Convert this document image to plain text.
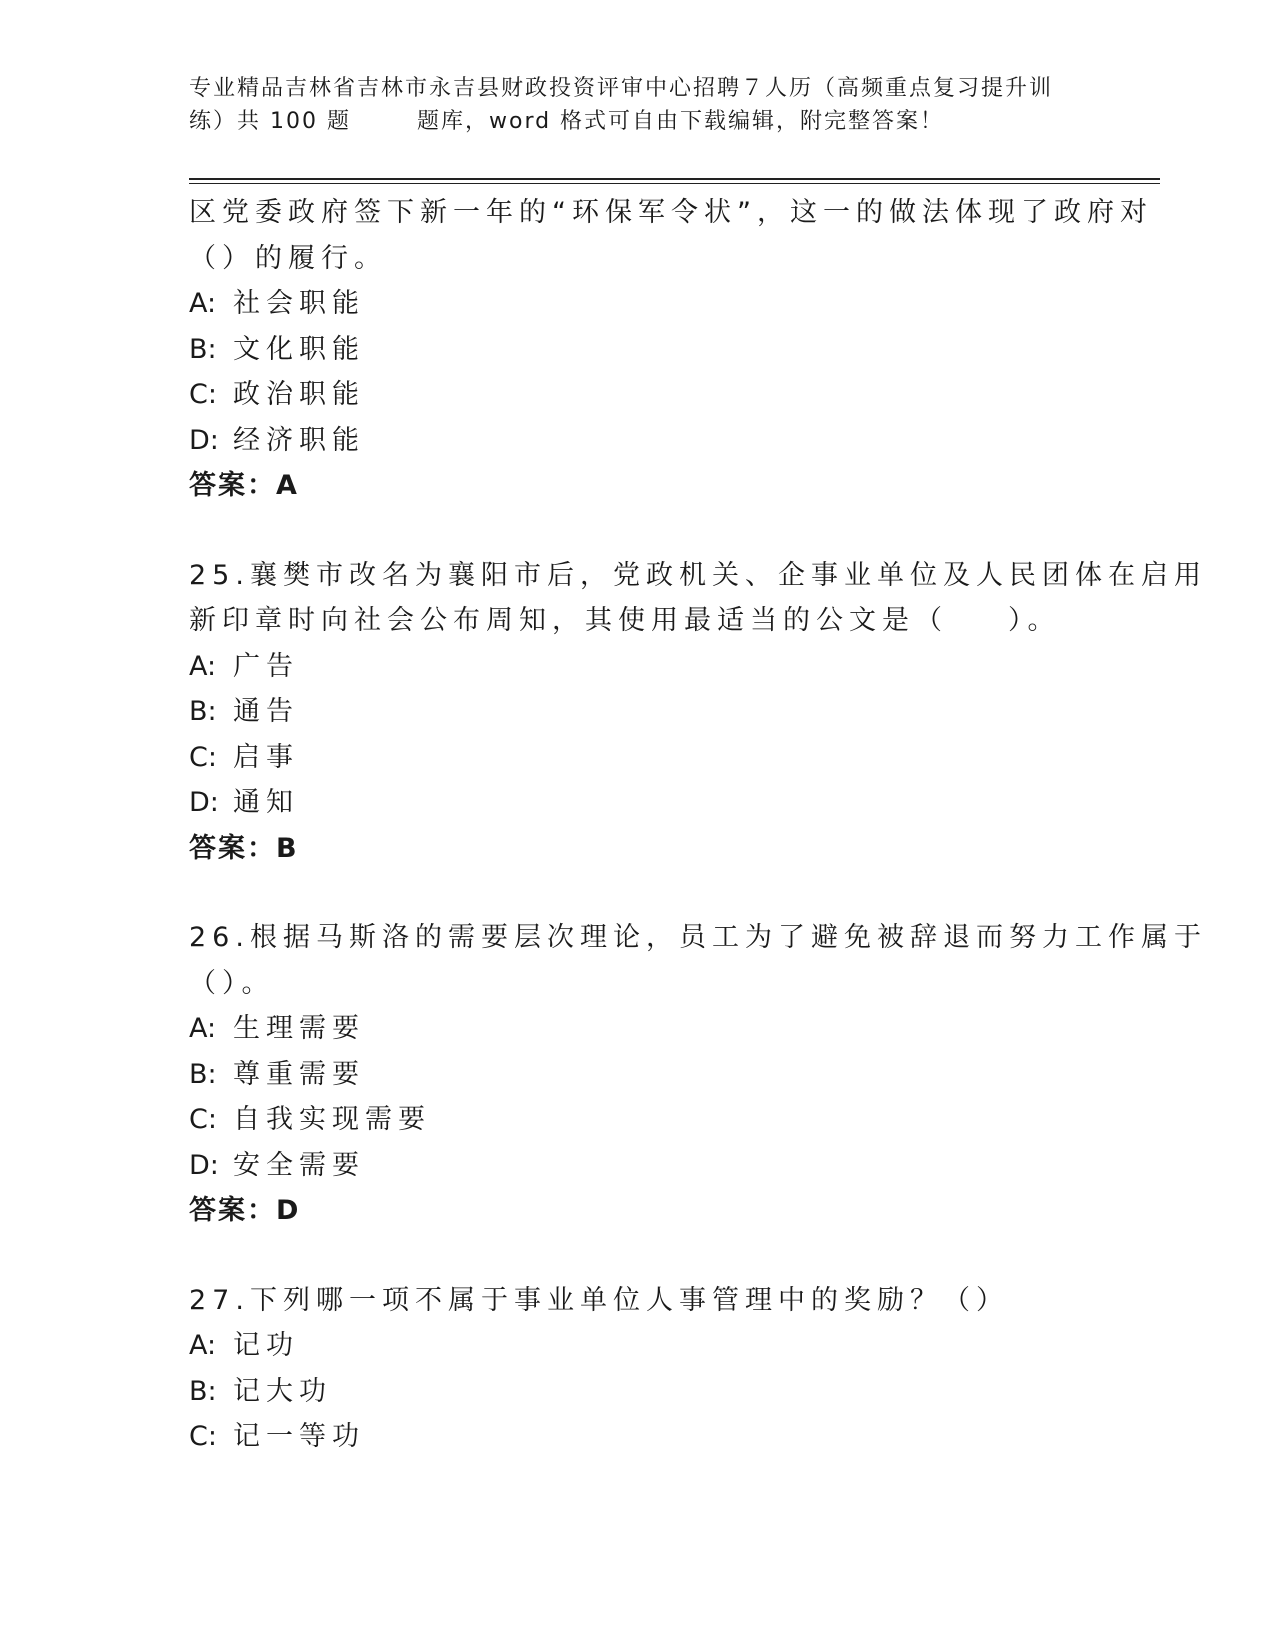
专业精品吉林省吉林市永吉县财政投资评审中心招聘７人历（高频重点复习提升训
练）共 100 题	题库，word 格式可自由下载编辑，附完整答案！
区党委政府签下新一年的“环保军令状”，这一的做法体现了政府对
（）的履行。
A: 社会职能
B: 文化职能
C: 政治职能
D: 经济职能
答案：A
25.襄樊市改名为襄阳市后，党政机关、企事业单位及人民团体在启用
新印章时向社会公布周知，其使用最适当的公文是（ ）。
A: 广告
B: 通告
C: 启事
D: 通知
答案：B
26.根据马斯洛的需要层次理论，员工为了避免被辞退而努力工作属于
（）。
A: 生理需要
B: 尊重需要
C: 自我实现需要
D: 安全需要
答案：D
27.下列哪一项不属于事业单位人事管理中的奖励？（）
A: 记功
B: 记大功
C: 记一等功
